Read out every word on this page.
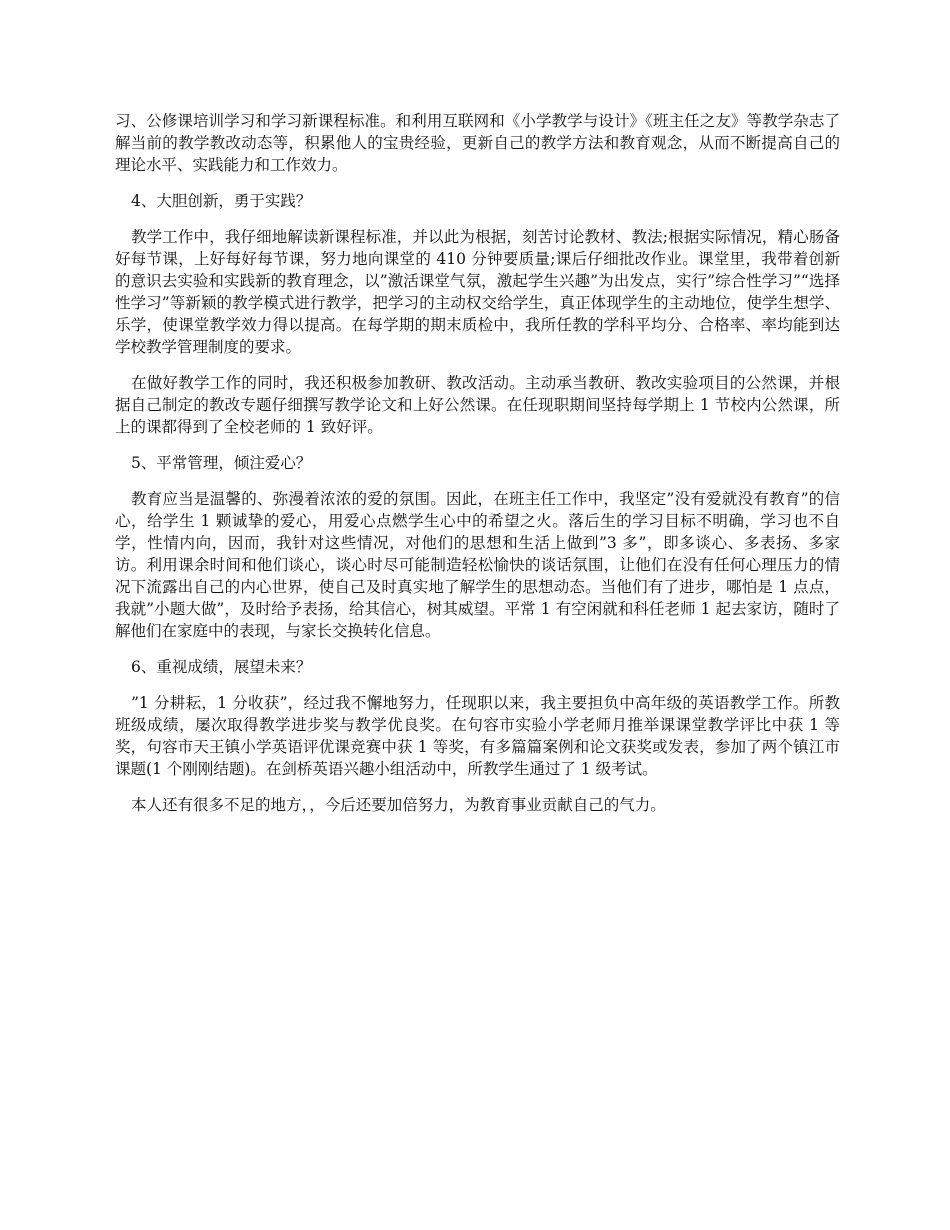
习、公修课培训学习和学习新课程标准。和利用互联网和《小学教学与设计》《班主任之友》等教学杂志了解当前的教学教改动态等，积累他人的宝贵经验，更新自己的教学方法和教育观念，从而不断提高自己的理论水平、实践能力和工作效力。

4、大胆创新，勇于实践？

教学工作中，我仔细地解读新课程标准，并以此为根据，刻苦讨论教材、教法;根据实际情况，精心肠备好每节课，上好每好每节课，努力地向课堂的 410 分钟要质量;课后仔细批改作业。课堂里，我带着创新的意识去实验和实践新的教育理念，以”激活课堂气氛，激起学生兴趣”为出发点，实行”综合性学习”“选择性学习”等新颖的教学模式进行教学，把学习的主动权交给学生，真正体现学生的主动地位，使学生想学、乐学，使课堂教学效力得以提高。在每学期的期末质检中，我所任教的学科平均分、合格率、率均能到达学校教学管理制度的要求。

在做好教学工作的同时，我还积极参加教研、教改活动。主动承当教研、教改实验项目的公然课，并根据自己制定的教改专题仔细撰写教学论文和上好公然课。在任现职期间坚持每学期上 1 节校内公然课，所上的课都得到了全校老师的 1 致好评。

5、平常管理，倾注爱心？

教育应当是温馨的、弥漫着浓浓的爱的氛围。因此，在班主任工作中，我坚定”没有爱就没有教育”的信心，给学生 1 颗诚挚的爱心，用爱心点燃学生心中的希望之火。落后生的学习目标不明确，学习也不自学，性情内向，因而，我针对这些情况，对他们的思想和生活上做到”3 多”，即多谈心、多表扬、多家访。利用课余时间和他们谈心，谈心时尽可能制造轻松愉快的谈话氛围，让他们在没有任何心理压力的情况下流露出自己的内心世界，使自己及时真实地了解学生的思想动态。当他们有了进步，哪怕是 1 点点，我就”小题大做”，及时给予表扬，给其信心，树其威望。平常 1 有空闲就和科任老师 1 起去家访，随时了解他们在家庭中的表现，与家长交换转化信息。

6、重视成绩，展望未来？

”1 分耕耘，1 分收获”，经过我不懈地努力，任现职以来，我主要担负中高年级的英语教学工作。所教班级成绩，屡次取得教学进步奖与教学优良奖。在句容市实验小学老师月推举课课堂教学评比中获 1 等奖，句容市天王镇小学英语评优课竞赛中获 1 等奖，有多篇篇案例和论文获奖或发表，参加了两个镇江市课题(1 个刚刚结题)。在剑桥英语兴趣小组活动中，所教学生通过了 1 级考试。

本人还有很多不足的地方，，今后还要加倍努力，为教育事业贡献自己的气力。
